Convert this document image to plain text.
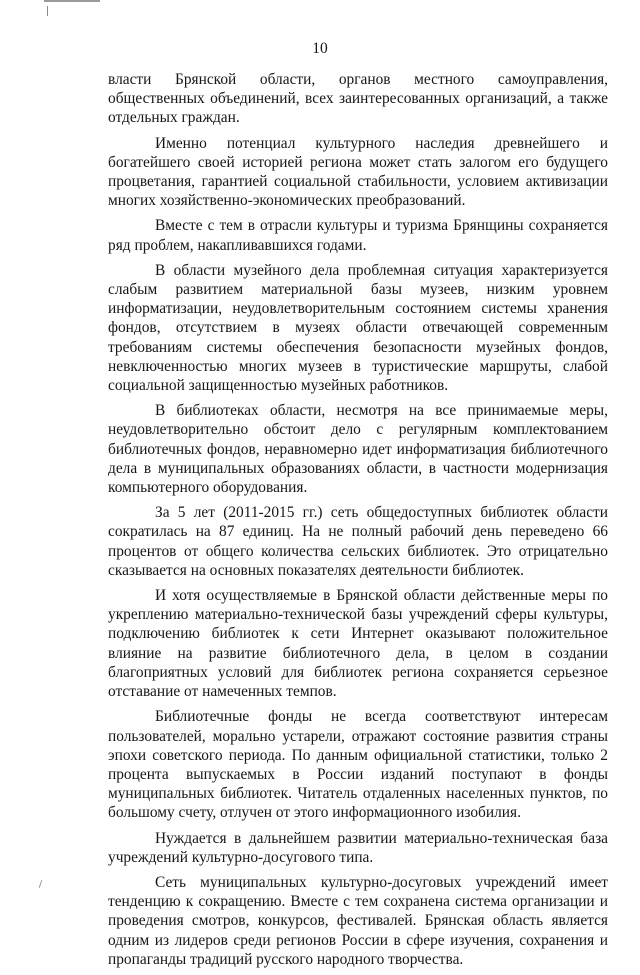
10

власти Брянской области, органов местного самоуправления, общественных объединений, всех заинтересованных организаций, а также отдельных граждан.

Именно потенциал культурного наследия древнейшего и богатейшего своей историей региона может стать залогом его будущего процветания, гарантией социальной стабильности, условием активизации многих хозяйственно-экономических преобразований.

Вместе с тем в отрасли культуры и туризма Брянщины сохраняется ряд проблем, накапливавшихся годами.

В области музейного дела проблемная ситуация характеризуется слабым развитием материальной базы музеев, низким уровнем информатизации, неудовлетворительным состоянием системы хранения фондов, отсутствием в музеях области отвечающей современным требованиям системы обеспечения безопасности музейных фондов, невключенностью многих музеев в туристические маршруты, слабой социальной защищенностью музейных работников.

В библиотеках области, несмотря на все принимаемые меры, неудовлетворительно обстоит дело с регулярным комплектованием библиотечных фондов, неравномерно идет информатизация библиотечного дела в муниципальных образованиях области, в частности модернизация компьютерного оборудования.

За 5 лет (2011-2015 гг.) сеть общедоступных библиотек области сократилась на 87 единиц. На не полный рабочий день переведено 66 процентов от общего количества сельских библиотек. Это отрицательно сказывается на основных показателях деятельности библиотек.

И хотя осуществляемые в Брянской области действенные меры по укреплению материально-технической базы учреждений сферы культуры, подключению библиотек к сети Интернет оказывают положительное влияние на развитие библиотечного дела, в целом в создании благоприятных условий для библиотек региона сохраняется серьезное отставание от намеченных темпов.

Библиотечные фонды не всегда соответствуют интересам пользователей, морально устарели, отражают состояние развития страны эпохи советского периода. По данным официальной статистики, только 2 процента выпускаемых в России изданий поступают в фонды муниципальных библиотек. Читатель отдаленных населенных пунктов, по большому счету, отлучен от этого информационного изобилия.

Нуждается в дальнейшем развитии материально-техническая база учреждений культурно-досугового типа.

Сеть муниципальных культурно-досуговых учреждений имеет тенденцию к сокращению. Вместе с тем сохранена система организации и проведения смотров, конкурсов, фестивалей. Брянская область является одним из лидеров среди регионов России в сфере изучения, сохранения и пропаганды традиций русского народного творчества.
